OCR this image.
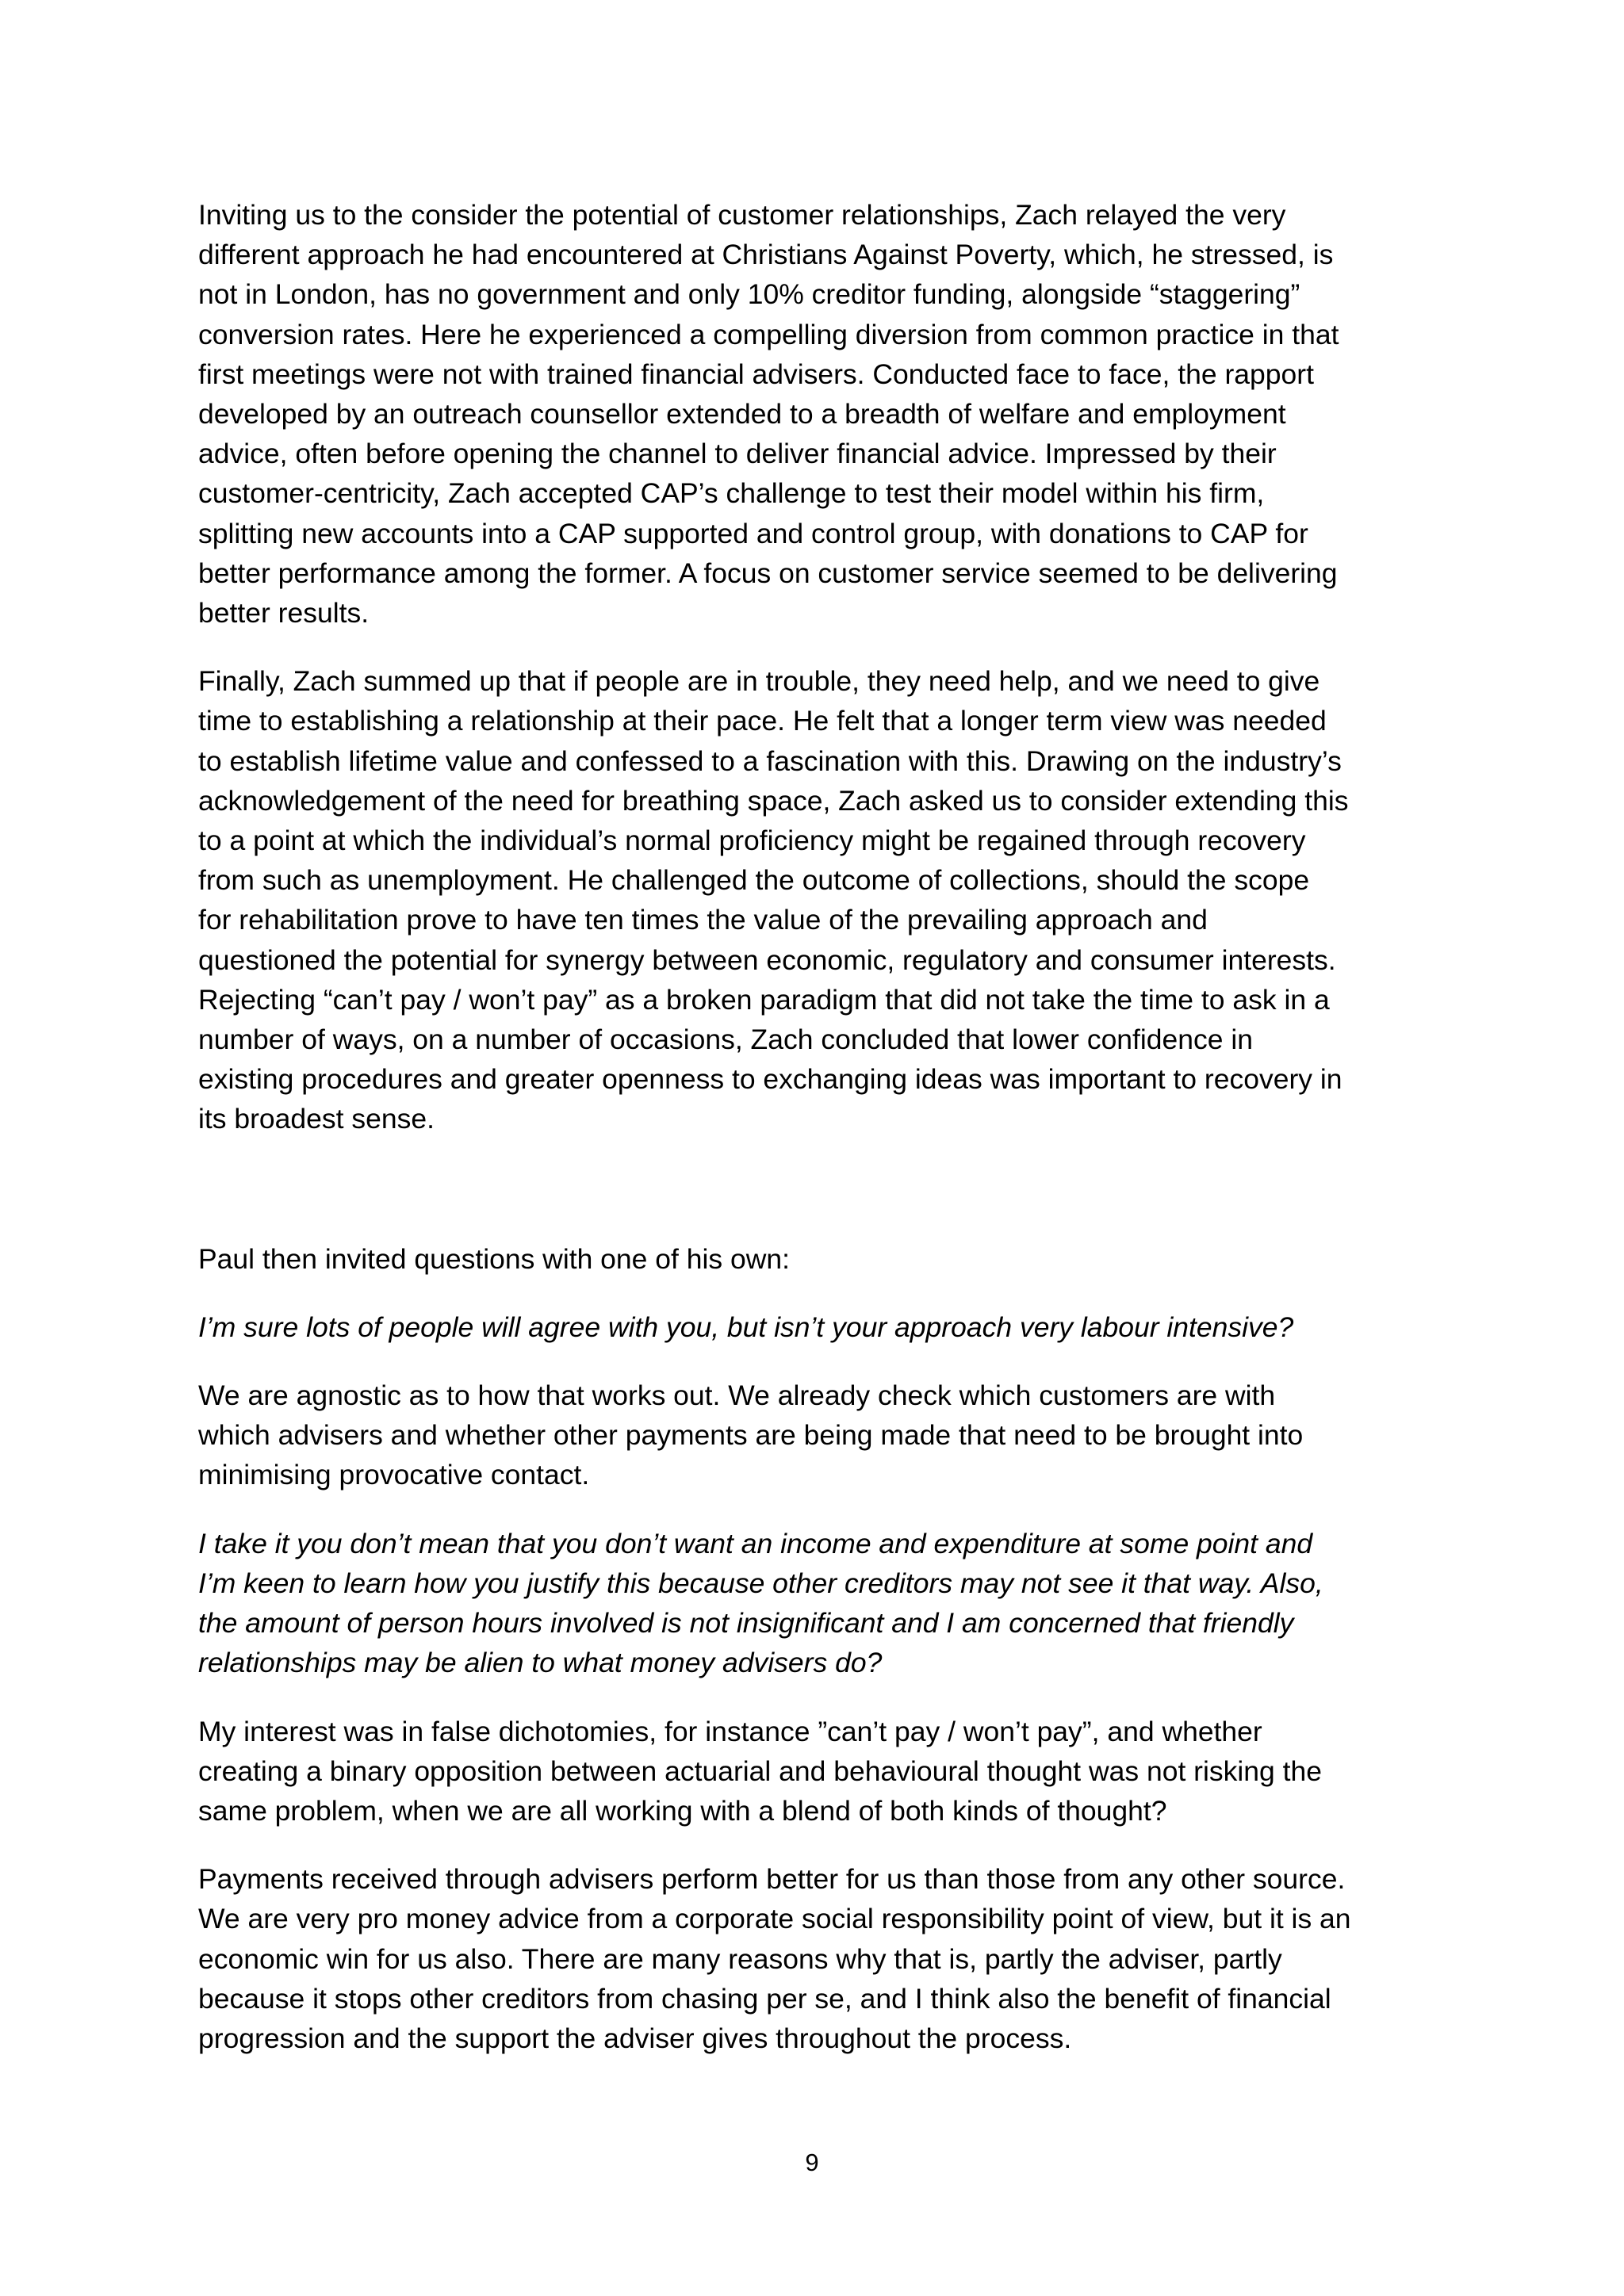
Inviting us to the consider the potential of customer relationships, Zach relayed the very
different approach he had encountered at Christians Against Poverty, which, he stressed, is
not in London, has no government and only 10% creditor funding, alongside “staggering”
conversion rates. Here he experienced a compelling diversion from common practice in that
first meetings were not with trained financial advisers. Conducted face to face, the rapport
developed by an outreach counsellor extended to a breadth of welfare and employment
advice, often before opening the channel to deliver financial advice. Impressed by their
customer-centricity, Zach accepted CAP’s challenge to test their model within his firm,
splitting new accounts into a CAP supported and control group, with donations to CAP for
better performance among the former. A focus on customer service seemed to be delivering
better results.

Finally, Zach summed up that if people are in trouble, they need help, and we need to give
time to establishing a relationship at their pace. He felt that a longer term view was needed
to establish lifetime value and confessed to a fascination with this. Drawing on the industry’s
acknowledgement of the need for breathing space, Zach asked us to consider extending this
to a point at which the individual’s normal proficiency might be regained through recovery
from such as unemployment. He challenged the outcome of collections, should the scope
for rehabilitation prove to have ten times the value of the prevailing approach and
questioned the potential for synergy between economic, regulatory and consumer interests.
Rejecting “can’t pay / won’t pay” as a broken paradigm that did not take the time to ask in a
number of ways, on a number of occasions, Zach concluded that lower confidence in
existing procedures and greater openness to exchanging ideas was important to recovery in
its broadest sense.

Paul then invited questions with one of his own:

I’m sure lots of people will agree with you, but isn’t your approach very labour intensive?

We are agnostic as to how that works out. We already check which customers are with
which advisers and whether other payments are being made that need to be brought into
minimising provocative contact.

I take it you don’t mean that you don’t want an income and expenditure at some point and
I’m keen to learn how you justify this because other creditors may not see it that way. Also,
the amount of person hours involved is not insignificant and I am concerned that friendly
relationships may be alien to what money advisers do?

My interest was in false dichotomies, for instance ”can’t pay / won’t pay”, and whether
creating a binary opposition between actuarial and behavioural thought was not risking the
same problem, when we are all working with a blend of both kinds of thought?

Payments received through advisers perform better for us than those from any other source.
We are very pro money advice from a corporate social responsibility point of view, but it is an
economic win for us also. There are many reasons why that is, partly the adviser, partly
because it stops other creditors from chasing per se, and I think also the benefit of financial
progression and the support the adviser gives throughout the process.

9
